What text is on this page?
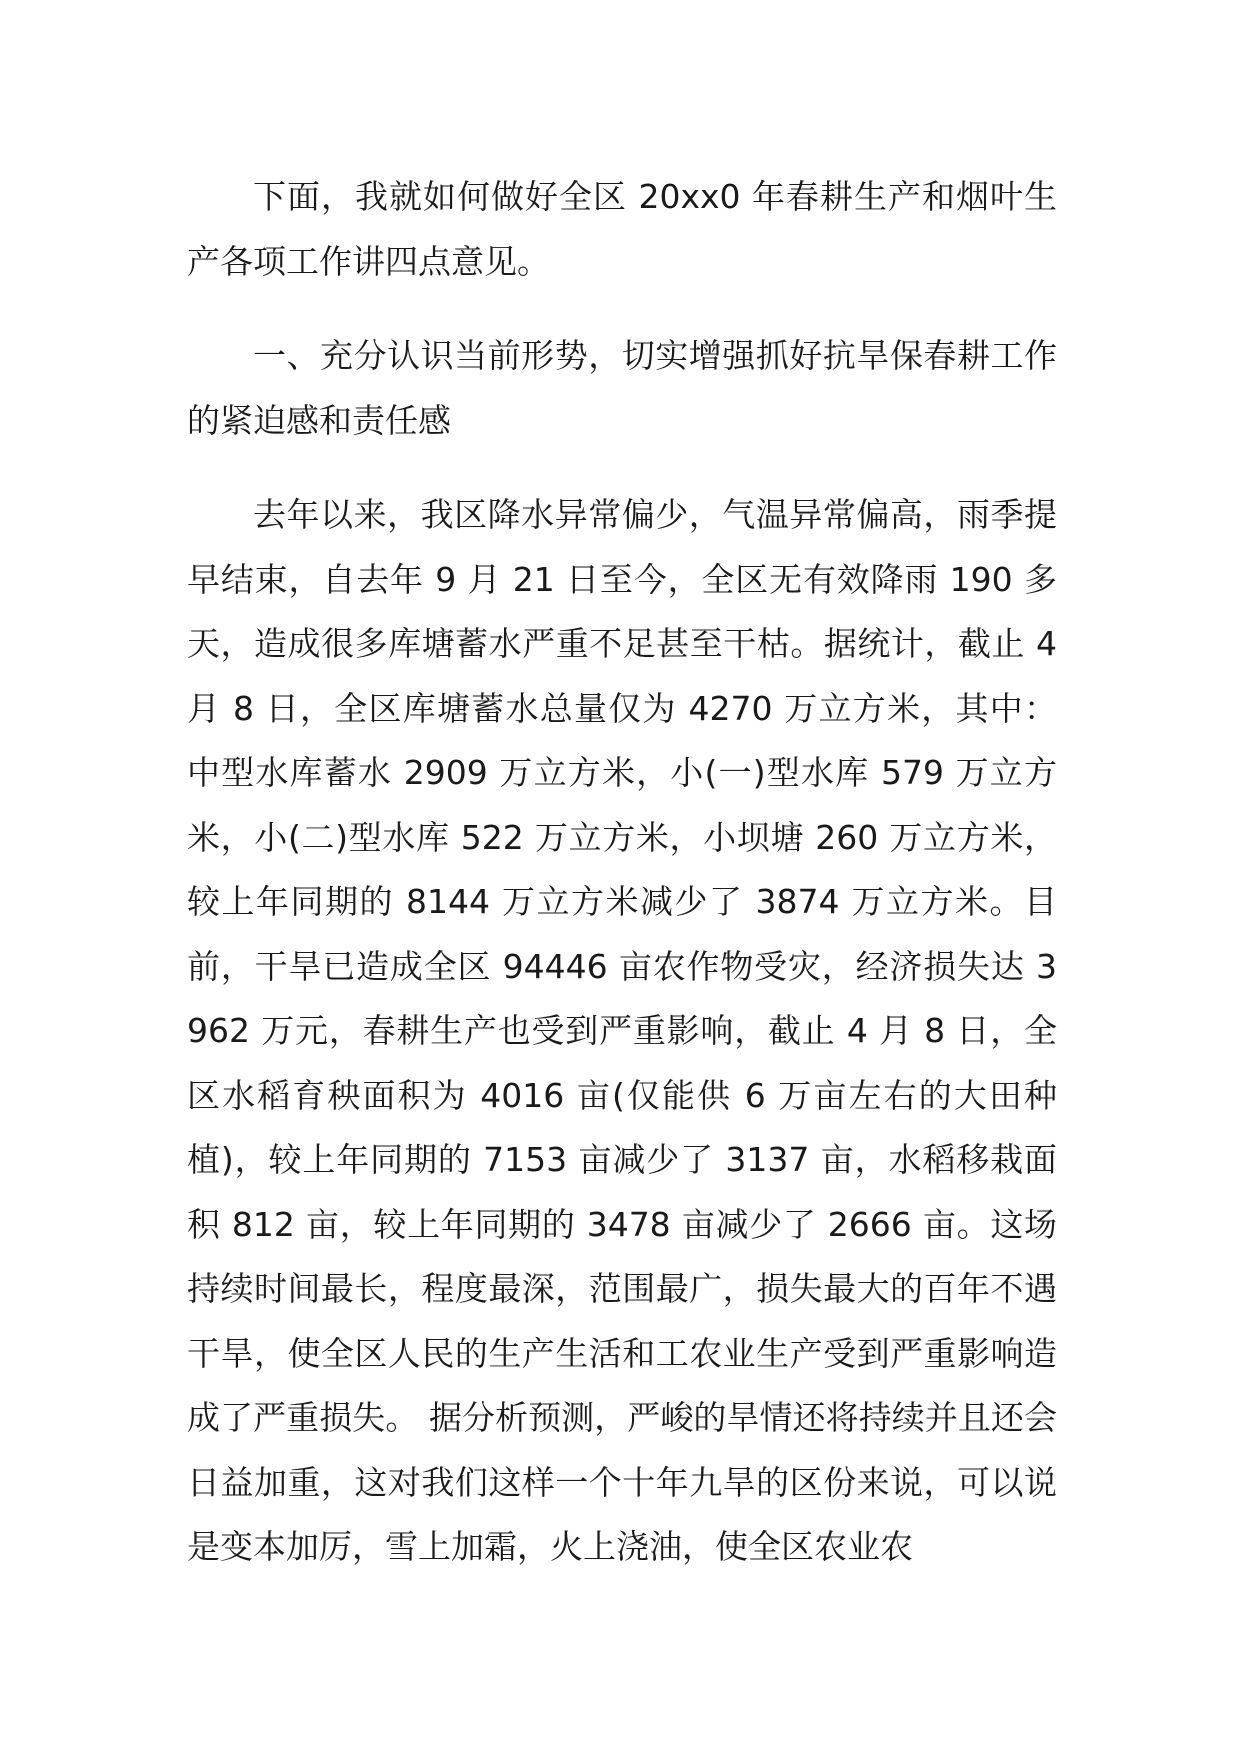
下面，我就如何做好全区 20xx0 年春耕生产和烟叶生产各项工作讲四点意见。

一、充分认识当前形势，切实增强抓好抗旱保春耕工作的紧迫感和责任感

去年以来，我区降水异常偏少，气温异常偏高，雨季提早结束，自去年 9 月 21 日至今，全区无有效降雨 190 多天，造成很多库塘蓄水严重不足甚至干枯。据统计，截止 4 月 8 日，全区库塘蓄水总量仅为 4270 万立方米，其中：中型水库蓄水 2909 万立方米，小(一)型水库 579 万立方米，小(二)型水库 522 万立方米，小坝塘 260 万立方米，较上年同期的 8144 万立方米减少了 3874 万立方米。目前，干旱已造成全区 94446 亩农作物受灾，经济损失达 3962 万元，春耕生产也受到严重影响，截止 4 月 8 日，全区水稻育秧面积为 4016 亩(仅能供 6 万亩左右的大田种植)，较上年同期的 7153 亩减少了 3137 亩，水稻移栽面积 812 亩，较上年同期的 3478 亩减少了 2666 亩。这场持续时间最长，程度最深，范围最广，损失最大的百年不遇干旱，使全区人民的生产生活和工农业生产受到严重影响造成了严重损失。 据分析预测，严峻的旱情还将持续并且还会日益加重，这对我们这样一个十年九旱的区份来说，可以说是变本加厉，雪上加霜，火上浇油，使全区农业农
